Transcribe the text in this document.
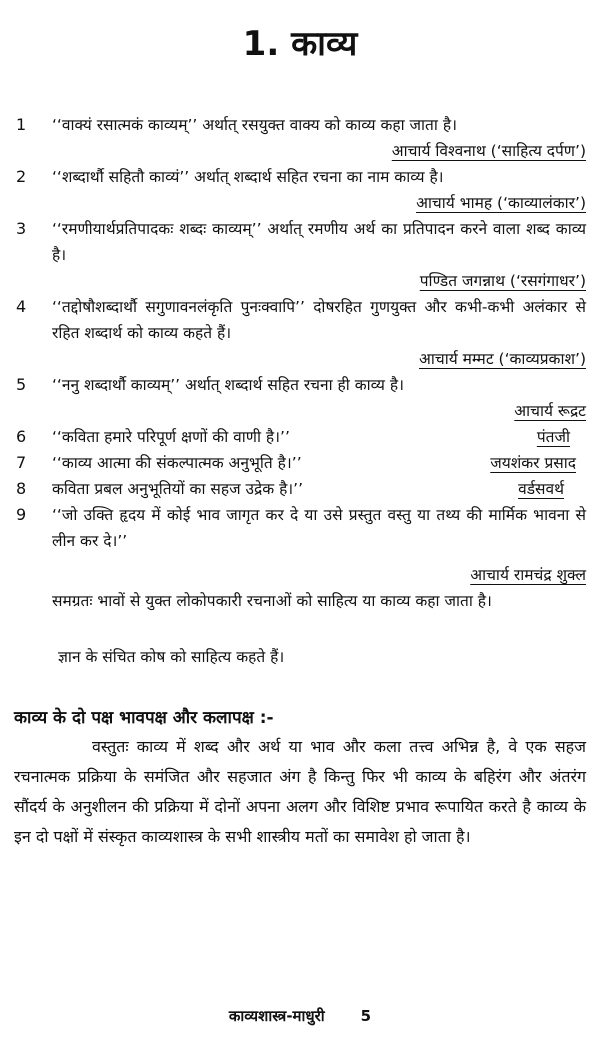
1. काव्य
1	‘‘वाक्यं रसात्मकं काव्यम्’’ अर्थात् रसयुक्त वाक्य को काव्य कहा जाता है।
आचार्य विश्वनाथ (‘साहित्य दर्पण’)
2	‘‘शब्दार्थौ सहितौ काव्यं’’ अर्थात् शब्दार्थ सहित रचना का नाम काव्य है।
आचार्य भामह (‘काव्यालंकार’)
3	‘‘रमणीयार्थप्रतिपादकः शब्दः काव्यम्’’ अर्थात् रमणीय अर्थ का प्रतिपादन करने वाला शब्द काव्य है।
पण्डित जगन्नाथ (‘रसगंगाधर’)
4	‘‘तद्दोषौशब्दार्थौ सगुणावनलंकृति पुनःक्वापि’’ दोषरहित गुणयुक्त और कभी-कभी अलंकार से रहित शब्दार्थ को काव्य कहते हैं।
आचार्य मम्मट (‘काव्यप्रकाश’)
5	‘‘ननु शब्दार्थौ काव्यम्’’ अर्थात् शब्दार्थ सहित रचना ही काव्य है।
आचार्य रूद्रट
6	‘‘कविता हमारे परिपूर्ण क्षणों की वाणी है।’’	पंतजी
7	‘‘काव्य आत्मा की संकल्पात्मक अनुभूति है।’’	जयशंकर प्रसाद
8	कविता प्रबल अनुभूतियों का सहज उद्रेक है।’’	वर्डसवर्थ
9	‘‘जो उक्ति हृदय में कोई भाव जागृत कर दे या उसे प्रस्तुत वस्तु या तथ्य की मार्मिक भावना से लीन कर दे।’’
आचार्य रामचंद्र शुक्ल
समग्रतः भावों से युक्त लोकोपकारी रचनाओं को साहित्य या काव्य कहा जाता है।
ज्ञान के संचित कोष को साहित्य कहते हैं।
काव्य के दो पक्ष भावपक्ष और कलापक्ष :-
वस्तुतः काव्य में शब्द और अर्थ या भाव और कला तत्त्व अभिन्न है, वे एक सहज रचनात्मक प्रक्रिया के समंजित और सहजात अंग है किन्तु फिर भी काव्य के बहिरंग और अंतरंग सौंदर्य के अनुशीलन की प्रक्रिया में दोनों अपना अलग और विशिष्ट प्रभाव रूपायित करते है काव्य के इन दो पक्षों में संस्कृत काव्यशास्त्र के सभी शास्त्रीय मतों का समावेश हो जाता है।
काव्यशास्त्र-माधुरी 5
